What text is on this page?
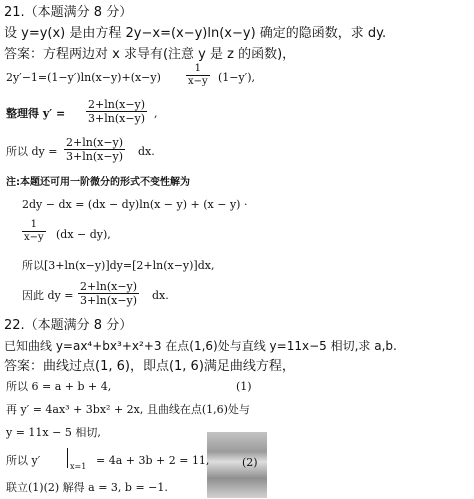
21.（本题满分 8 分）
设 y=y(x) 是由方程 2y−x=(x−y)ln(x−y) 确定的隐函数，求 dy.
答案：方程两边对 x 求导有(注意 y 是 z 的函数)，
2y′−1=(1−y′)ln(x−y)+(x−y)	$\frac{1}{x-y} (1-y')$,
整理得 $y' = \frac{2+\ln(x-y)}{3+\ln(x-y)}$ ,
所以 dy = $\frac{2+\ln(x-y)}{3+\ln(x-y)}$ dx.
注:本题还可用一阶微分的形式不变性解为
2dy − dx = (dx − dy)ln(x − y) + (x − y) ·
$\frac{1}{x-y} (dx - dy)$,
所以[3+ln(x−y)]dy=[2+ln(x−y)]dx,
因此 dy = $\frac{2+\ln(x-y)}{3+\ln(x-y)}$ dx.
22.（本题满分 8 分）
已知曲线 y=ax⁴+bx³+x²+3 在点(1,6)处与直线 y=11x−5 相切,求 a,b.
答案：曲线过点(1, 6)，即点(1, 6)满足曲线方程，
所以 6 = a + b + 4,	(1)
再 y′ = 4ax³ + 3bx² + 2x, 且曲线在点(1,6)处与
y = 11x − 5 相切,
所以 y′	x=1 = 4a + 3b + 2 = 11,	(2)
联立(1)(2) 解得 a = 3, b = −1.
